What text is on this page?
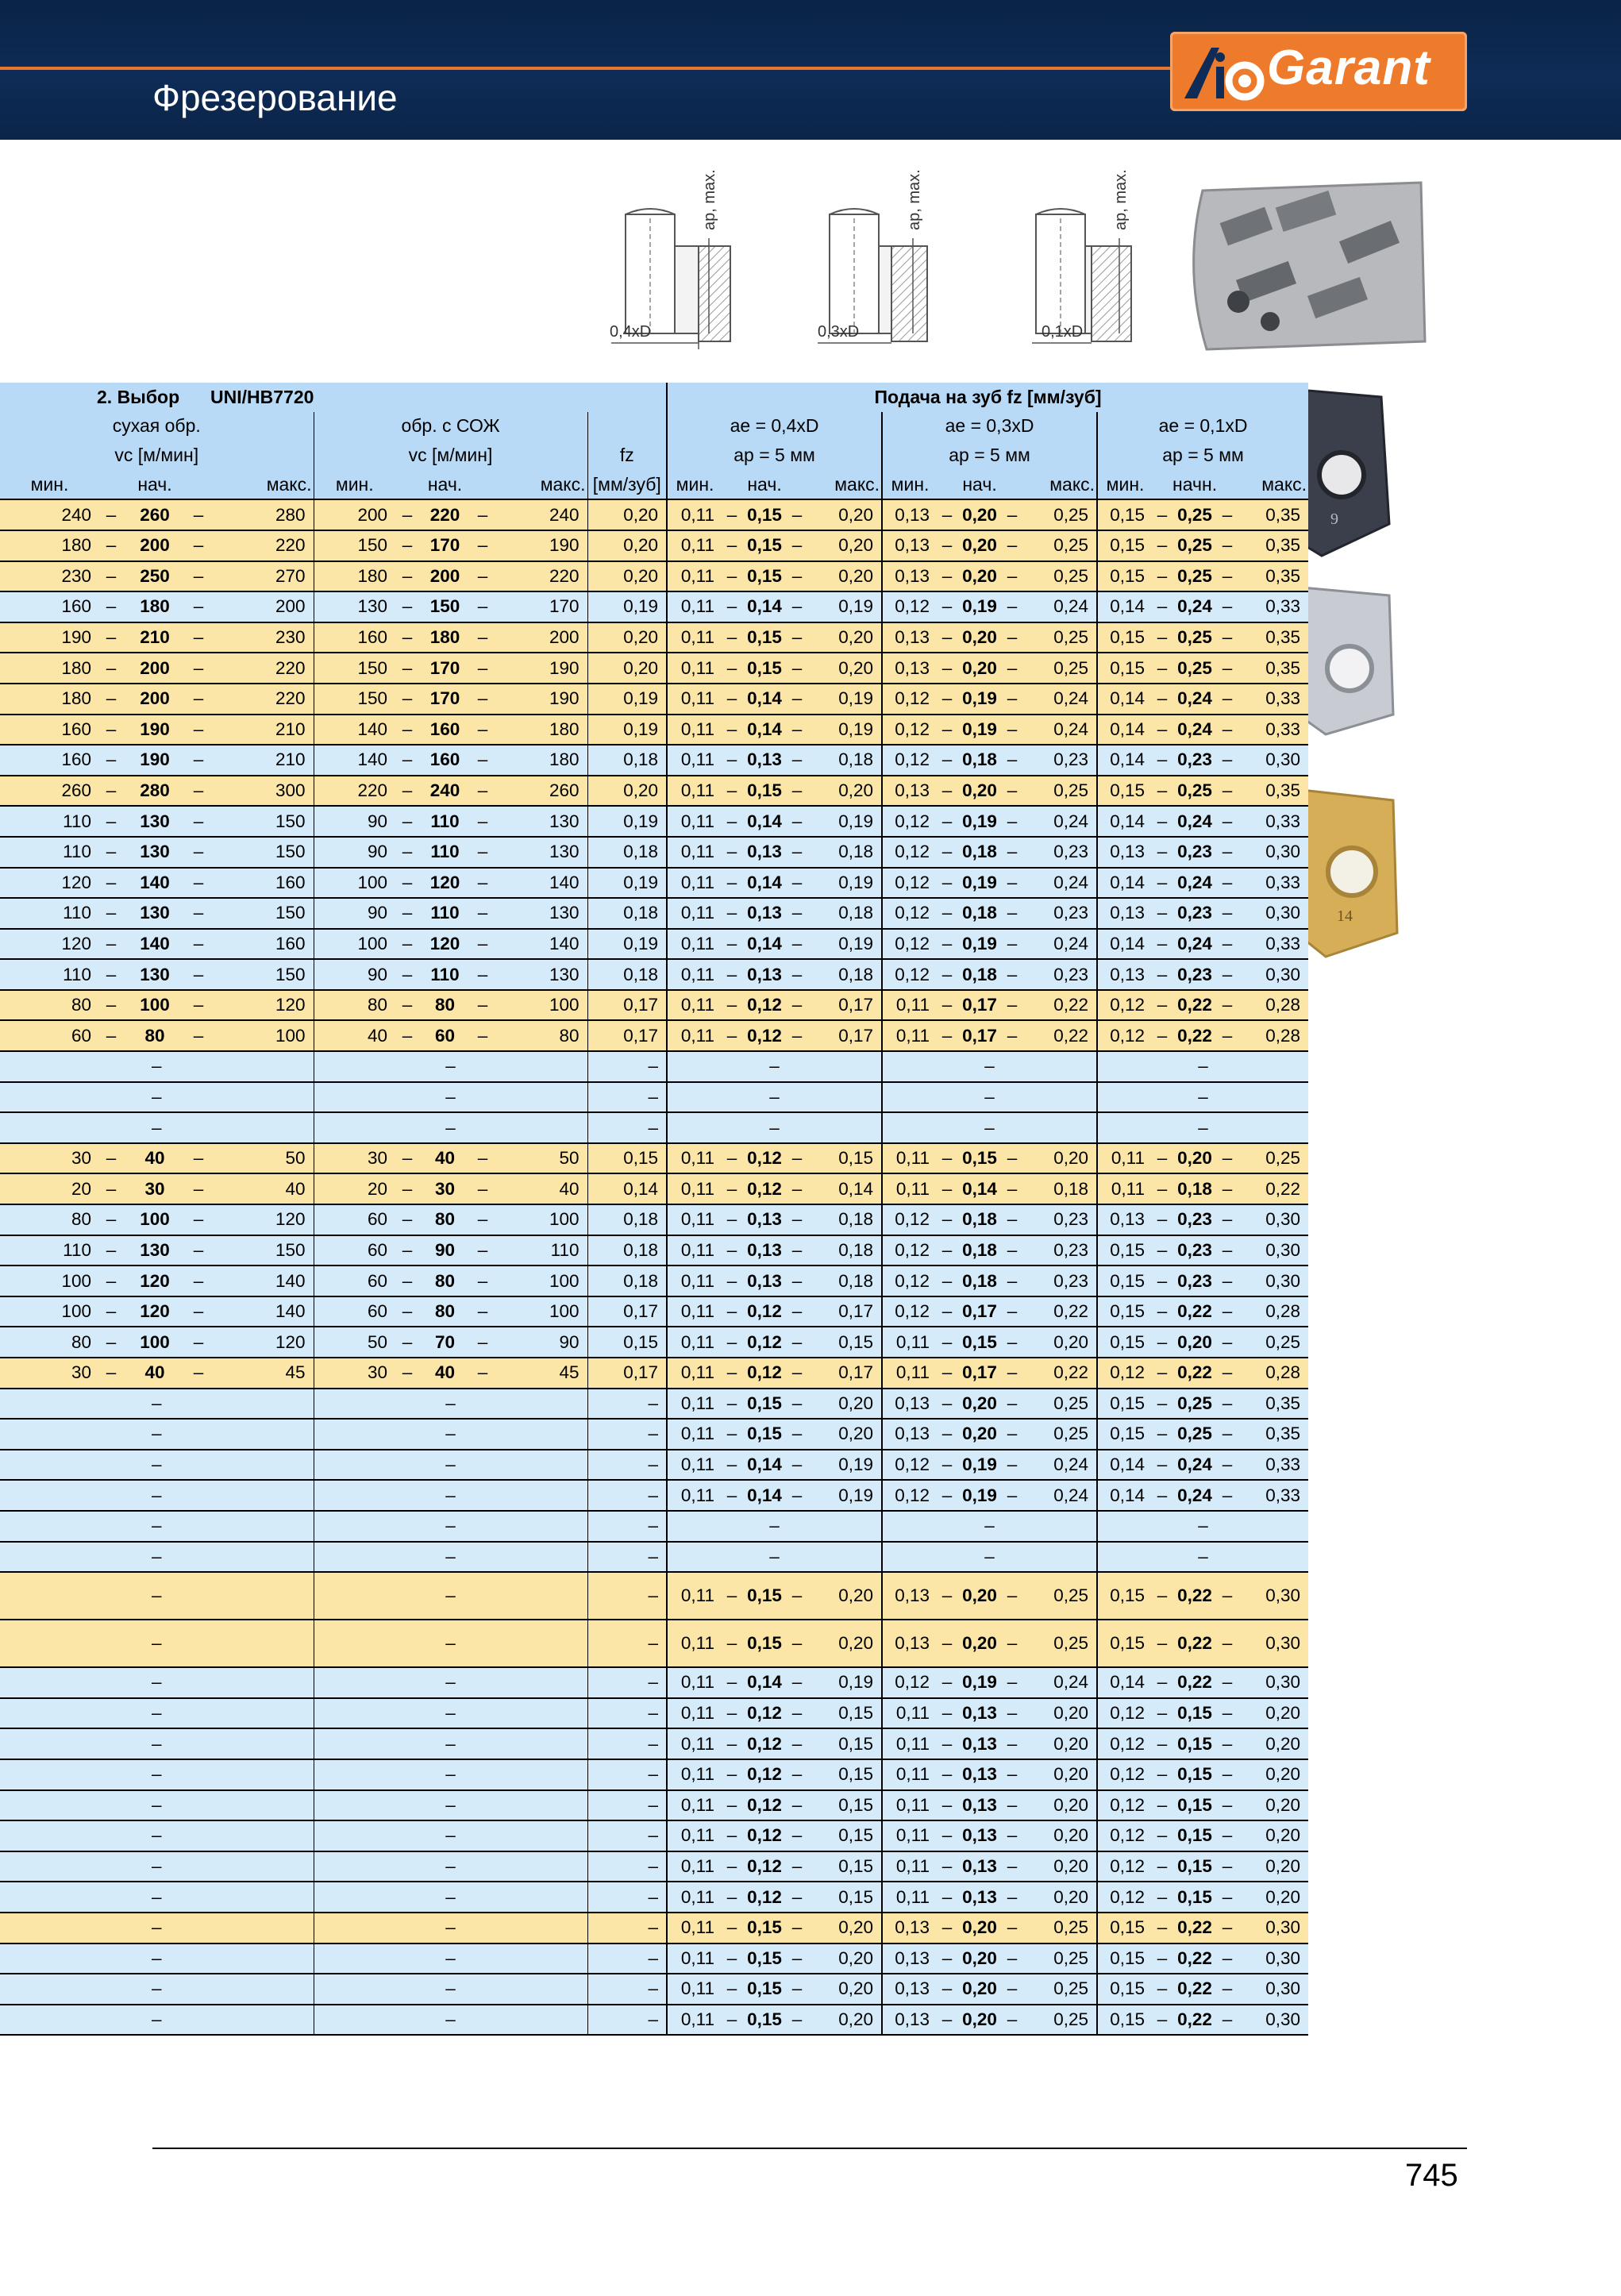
Фрезерование
Garant
0,4xD
ap, max.
0,3xD
ap, max.
0,1xD
ap, max.
9
14
2. Выбор				UNI/HB7720							Подача на зуб fz [мм/зуб]														
сухая обр.					обр. с СОЖ						ae = 0,4xD					ae = 0,3xD					ae = 0,1xD				
vc [м/мин]					vc [м/мин]					fz	ap = 5 мм					ap = 5 мм					ap = 5 мм				
мин.	нач.			макс.	мин.	нач.			макс.	[мм/зуб]	мин.	нач.			макс.	мин.	нач.			макс.	мин.	начн.			макс.
240	–	260	–	280	200	–	220	–	240	0,20	0,11	–	0,15	–	0,20	0,13	–	0,20	–	0,25	0,15	–	0,25	–	0,35
180	–	200	–	220	150	–	170	–	190	0,20	0,11	–	0,15	–	0,20	0,13	–	0,20	–	0,25	0,15	–	0,25	–	0,35
230	–	250	–	270	180	–	200	–	220	0,20	0,11	–	0,15	–	0,20	0,13	–	0,20	–	0,25	0,15	–	0,25	–	0,35
160	–	180	–	200	130	–	150	–	170	0,19	0,11	–	0,14	–	0,19	0,12	–	0,19	–	0,24	0,14	–	0,24	–	0,33
190	–	210	–	230	160	–	180	–	200	0,20	0,11	–	0,15	–	0,20	0,13	–	0,20	–	0,25	0,15	–	0,25	–	0,35
180	–	200	–	220	150	–	170	–	190	0,20	0,11	–	0,15	–	0,20	0,13	–	0,20	–	0,25	0,15	–	0,25	–	0,35
180	–	200	–	220	150	–	170	–	190	0,19	0,11	–	0,14	–	0,19	0,12	–	0,19	–	0,24	0,14	–	0,24	–	0,33
160	–	190	–	210	140	–	160	–	180	0,19	0,11	–	0,14	–	0,19	0,12	–	0,19	–	0,24	0,14	–	0,24	–	0,33
160	–	190	–	210	140	–	160	–	180	0,18	0,11	–	0,13	–	0,18	0,12	–	0,18	–	0,23	0,14	–	0,23	–	0,30
260	–	280	–	300	220	–	240	–	260	0,20	0,11	–	0,15	–	0,20	0,13	–	0,20	–	0,25	0,15	–	0,25	–	0,35
110	–	130	–	150	90	–	110	–	130	0,19	0,11	–	0,14	–	0,19	0,12	–	0,19	–	0,24	0,14	–	0,24	–	0,33
110	–	130	–	150	90	–	110	–	130	0,18	0,11	–	0,13	–	0,18	0,12	–	0,18	–	0,23	0,13	–	0,23	–	0,30
120	–	140	–	160	100	–	120	–	140	0,19	0,11	–	0,14	–	0,19	0,12	–	0,19	–	0,24	0,14	–	0,24	–	0,33
110	–	130	–	150	90	–	110	–	130	0,18	0,11	–	0,13	–	0,18	0,12	–	0,18	–	0,23	0,13	–	0,23	–	0,30
120	–	140	–	160	100	–	120	–	140	0,19	0,11	–	0,14	–	0,19	0,12	–	0,19	–	0,24	0,14	–	0,24	–	0,33
110	–	130	–	150	90	–	110	–	130	0,18	0,11	–	0,13	–	0,18	0,12	–	0,18	–	0,23	0,13	–	0,23	–	0,30
80	–	100	–	120	80	–	80	–	100	0,17	0,11	–	0,12	–	0,17	0,11	–	0,17	–	0,22	0,12	–	0,22	–	0,28
60	–	80	–	100	40	–	60	–	80	0,17	0,11	–	0,12	–	0,17	0,11	–	0,17	–	0,22	0,12	–	0,22	–	0,28
–					–					–	–					–					–				
–					–					–	–					–					–				
–					–					–	–					–					–				
30	–	40	–	50	30	–	40	–	50	0,15	0,11	–	0,12	–	0,15	0,11	–	0,15	–	0,20	0,11	–	0,20	–	0,25
20	–	30	–	40	20	–	30	–	40	0,14	0,11	–	0,12	–	0,14	0,11	–	0,14	–	0,18	0,11	–	0,18	–	0,22
80	–	100	–	120	60	–	80	–	100	0,18	0,11	–	0,13	–	0,18	0,12	–	0,18	–	0,23	0,13	–	0,23	–	0,30
110	–	130	–	150	60	–	90	–	110	0,18	0,11	–	0,13	–	0,18	0,12	–	0,18	–	0,23	0,15	–	0,23	–	0,30
100	–	120	–	140	60	–	80	–	100	0,18	0,11	–	0,13	–	0,18	0,12	–	0,18	–	0,23	0,15	–	0,23	–	0,30
100	–	120	–	140	60	–	80	–	100	0,17	0,11	–	0,12	–	0,17	0,12	–	0,17	–	0,22	0,15	–	0,22	–	0,28
80	–	100	–	120	50	–	70	–	90	0,15	0,11	–	0,12	–	0,15	0,11	–	0,15	–	0,20	0,15	–	0,20	–	0,25
30	–	40	–	45	30	–	40	–	45	0,17	0,11	–	0,12	–	0,17	0,11	–	0,17	–	0,22	0,12	–	0,22	–	0,28
–					–					–	0,11	–	0,15	–	0,20	0,13	–	0,20	–	0,25	0,15	–	0,25	–	0,35
–					–					–	0,11	–	0,15	–	0,20	0,13	–	0,20	–	0,25	0,15	–	0,25	–	0,35
–					–					–	0,11	–	0,14	–	0,19	0,12	–	0,19	–	0,24	0,14	–	0,24	–	0,33
–					–					–	0,11	–	0,14	–	0,19	0,12	–	0,19	–	0,24	0,14	–	0,24	–	0,33
–					–					–	–					–					–				
–					–					–	–					–					–				
–					–					–	0,11	–	0,15	–	0,20	0,13	–	0,20	–	0,25	0,15	–	0,22	–	0,30
–					–					–	0,11	–	0,15	–	0,20	0,13	–	0,20	–	0,25	0,15	–	0,22	–	0,30
–					–					–	0,11	–	0,14	–	0,19	0,12	–	0,19	–	0,24	0,14	–	0,22	–	0,30
–					–					–	0,11	–	0,12	–	0,15	0,11	–	0,13	–	0,20	0,12	–	0,15	–	0,20
–					–					–	0,11	–	0,12	–	0,15	0,11	–	0,13	–	0,20	0,12	–	0,15	–	0,20
–					–					–	0,11	–	0,12	–	0,15	0,11	–	0,13	–	0,20	0,12	–	0,15	–	0,20
–					–					–	0,11	–	0,12	–	0,15	0,11	–	0,13	–	0,20	0,12	–	0,15	–	0,20
–					–					–	0,11	–	0,12	–	0,15	0,11	–	0,13	–	0,20	0,12	–	0,15	–	0,20
–					–					–	0,11	–	0,12	–	0,15	0,11	–	0,13	–	0,20	0,12	–	0,15	–	0,20
–					–					–	0,11	–	0,12	–	0,15	0,11	–	0,13	–	0,20	0,12	–	0,15	–	0,20
–					–					–	0,11	–	0,15	–	0,20	0,13	–	0,20	–	0,25	0,15	–	0,22	–	0,30
–					–					–	0,11	–	0,15	–	0,20	0,13	–	0,20	–	0,25	0,15	–	0,22	–	0,30
–					–					–	0,11	–	0,15	–	0,20	0,13	–	0,20	–	0,25	0,15	–	0,22	–	0,30
–					–					–	0,11	–	0,15	–	0,20	0,13	–	0,20	–	0,25	0,15	–	0,22	–	0,30
745
